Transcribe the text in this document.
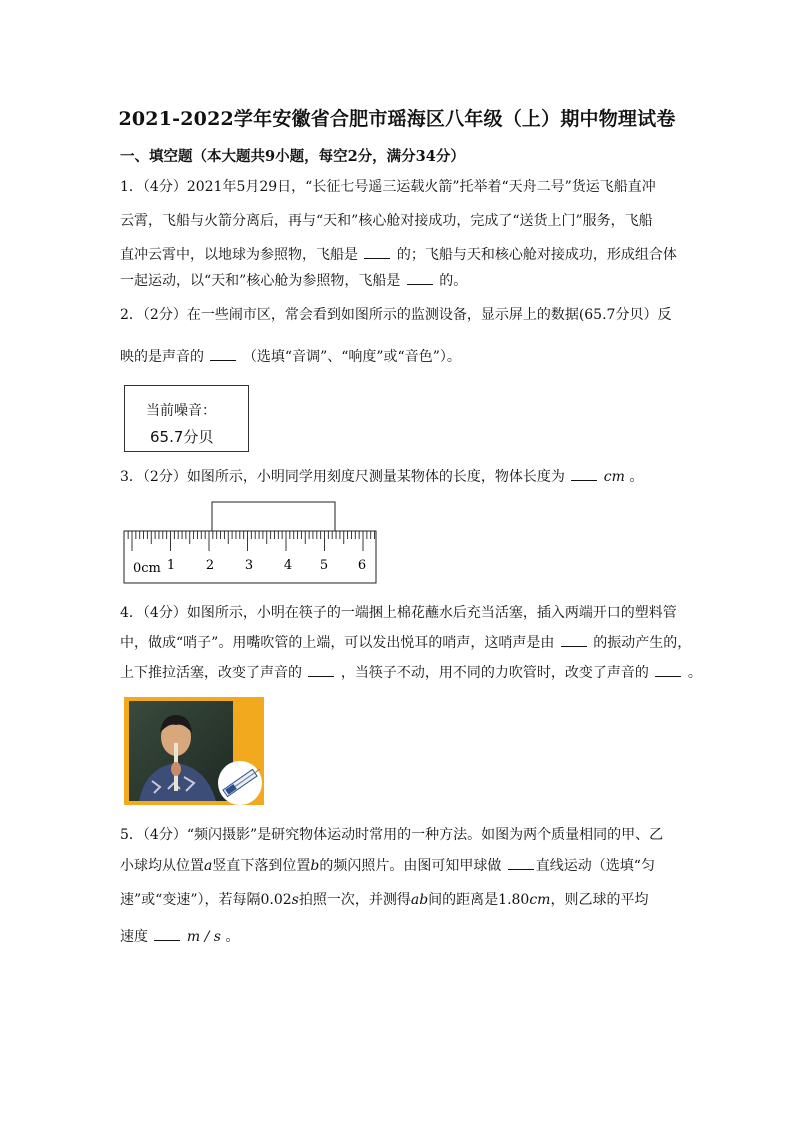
2021-2022学年安徽省合肥市瑶海区八年级（上）期中物理试卷
一、填空题（本大题共9小题，每空2分，满分34分）
1．（4分）2021年5月29日，“长征七号遥三运载火箭”托举着“天舟二号”货运飞船直冲
云霄，飞船与火箭分离后，再与“天和”核心舱对接成功，完成了“送货上门”服务，飞船
直冲云霄中，以地球为参照物，飞船是	的；飞船与天和核心舱对接成功，形成组合体
一起运动，以“天和”核心舱为参照物，飞船是	的。
2．（2分）在一些闹市区，常会看到如图所示的监测设备，显示屏上的数据(65.7分贝）反
映的是声音的	（选填“音调”、“响度”或“音色”）。
当前噪音：
65.7分贝
3．（2分）如图所示，小明同学用刻度尺测量某物体的长度，物体长度为	cm 。
0cm 1 2 3 4 5 6
4．（4分）如图所示，小明在筷子的一端捆上棉花蘸水后充当活塞，插入两端开口的塑料管
中，做成“哨子”。用嘴吹管的上端，可以发出悦耳的哨声，这哨声是由	的振动产生的，
上下推拉活塞，改变了声音的	，当筷子不动，用不同的力吹管时，改变了声音的	。
5．（4分）“频闪摄影”是研究物体运动时常用的一种方法。如图为两个质量相同的甲、乙
小球均从位置a竖直下落到位置b的频闪照片。由图可知甲球做 直线运动（选填“匀
速”或“变速”），若每隔0.02s拍照一次，并测得ab间的距离是1.80cm，则乙球的平均
速度	m / s 。
